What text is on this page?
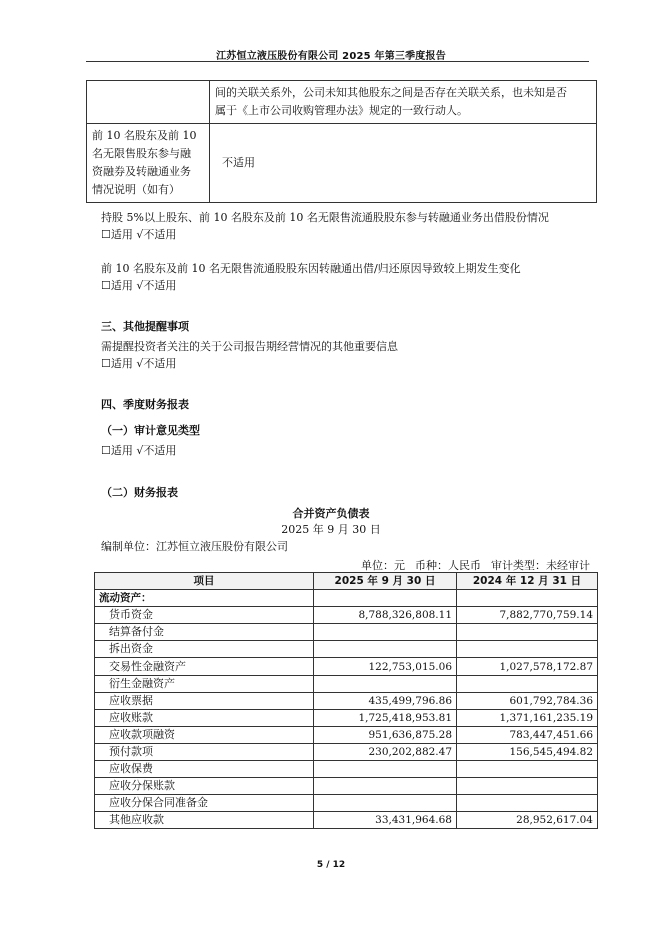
江苏恒立液压股份有限公司 2025 年第三季度报告

	间的关联关系外，公司未知其他股东之间是否存在关联关系，也未知是否
属于《上市公司收购管理办法》规定的一致行动人。

前 10 名股东及前 10
名无限售股东参与融
资融券及转融通业务
情况说明（如有）	不适用
持股 5%以上股东、前 10 名股东及前 10 名无限售流通股股东参与转融通业务出借股份情况
☐适用 √不适用
前 10 名股东及前 10 名无限售流通股股东因转融通出借/归还原因导致较上期发生变化
☐适用 √不适用
三、其他提醒事项
需提醒投资者关注的关于公司报告期经营情况的其他重要信息
☐适用 √不适用
四、季度财务报表
（一）审计意见类型
☐适用 √不适用
（二）财务报表
合并资产负债表
2025 年 9 月 30 日
编制单位：江苏恒立液压股份有限公司
单位：元 币种：人民币 审计类型：未经审计
项目	2025 年 9 月 30 日	2024 年 12 月 31 日
流动资产：		
货币资金	8,788,326,808.11	7,882,770,759.14
结算备付金		
拆出资金		
交易性金融资产	122,753,015.06	1,027,578,172.87
衍生金融资产		
应收票据	435,499,796.86	601,792,784.36
应收账款	1,725,418,953.81	1,371,161,235.19
应收款项融资	951,636,875.28	783,447,451.66
预付款项	230,202,882.47	156,545,494.82
应收保费		
应收分保账款		
应收分保合同准备金		
其他应收款	33,431,964.68	28,952,617.04
5 / 12
